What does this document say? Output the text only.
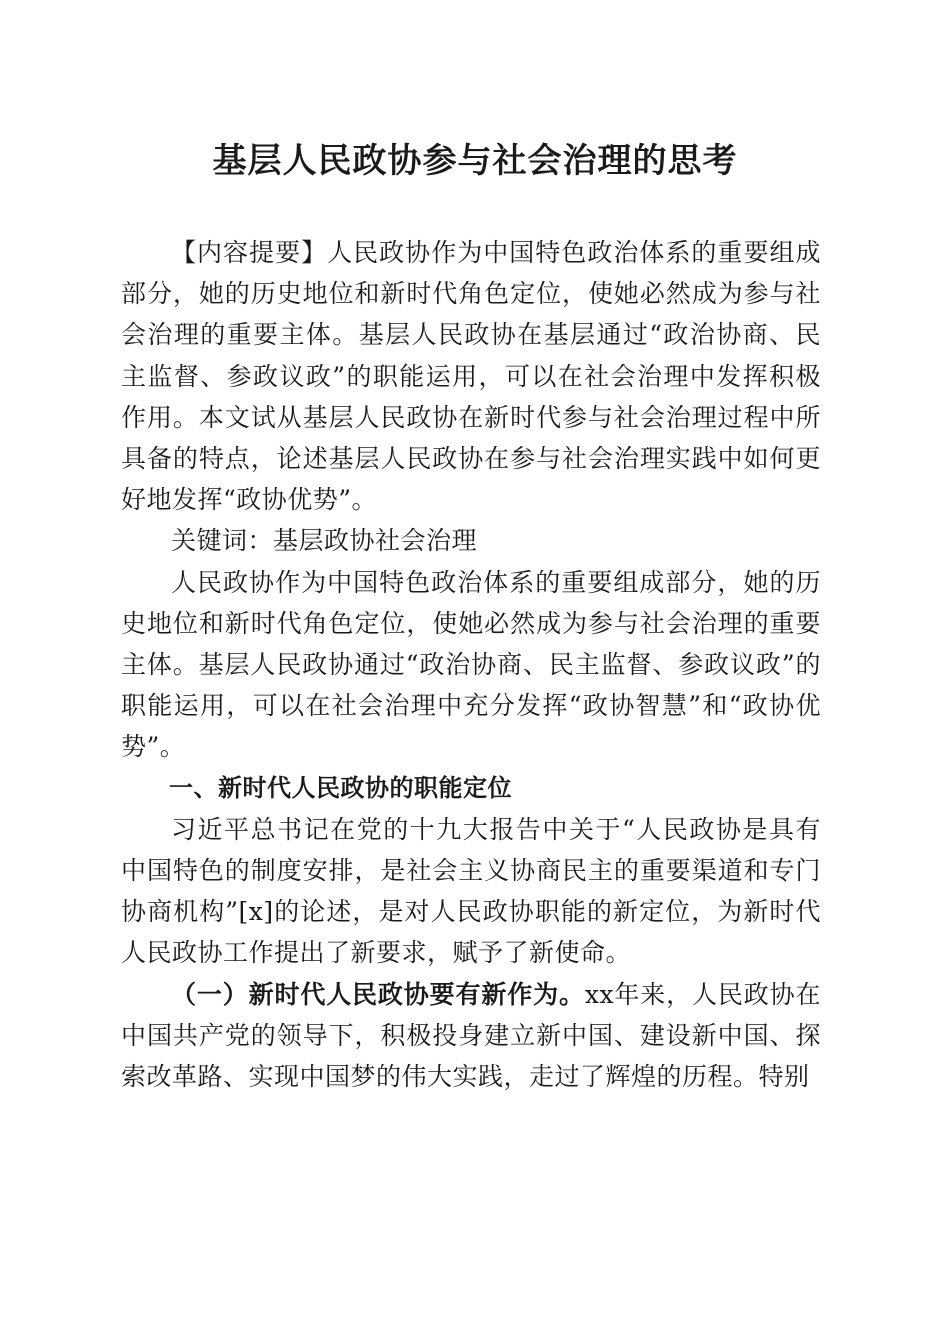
基层人民政协参与社会治理的思考

【内容提要】人民政协作为中国特色政治体系的重要组成部分，她的历史地位和新时代角色定位，使她必然成为参与社会治理的重要主体。基层人民政协在基层通过“政治协商、民主监督、参政议政”的职能运用，可以在社会治理中发挥积极作用。本文试从基层人民政协在新时代参与社会治理过程中所具备的特点，论述基层人民政协在参与社会治理实践中如何更好地发挥“政协优势”。

关键词：基层政协社会治理

人民政协作为中国特色政治体系的重要组成部分，她的历史地位和新时代角色定位，使她必然成为参与社会治理的重要主体。基层人民政协通过“政治协商、民主监督、参政议政”的职能运用，可以在社会治理中充分发挥“政协智慧”和“政协优势”。

一、新时代人民政协的职能定位

习近平总书记在党的十九大报告中关于“人民政协是具有中国特色的制度安排，是社会主义协商民主的重要渠道和专门协商机构”[x]的论述，是对人民政协职能的新定位，为新时代人民政协工作提出了新要求，赋予了新使命。

（一）新时代人民政协要有新作为。xx年来，人民政协在中国共产党的领导下，积极投身建立新中国、建设新中国、探索改革路、实现中国梦的伟大实践，走过了辉煌的历程。特别
